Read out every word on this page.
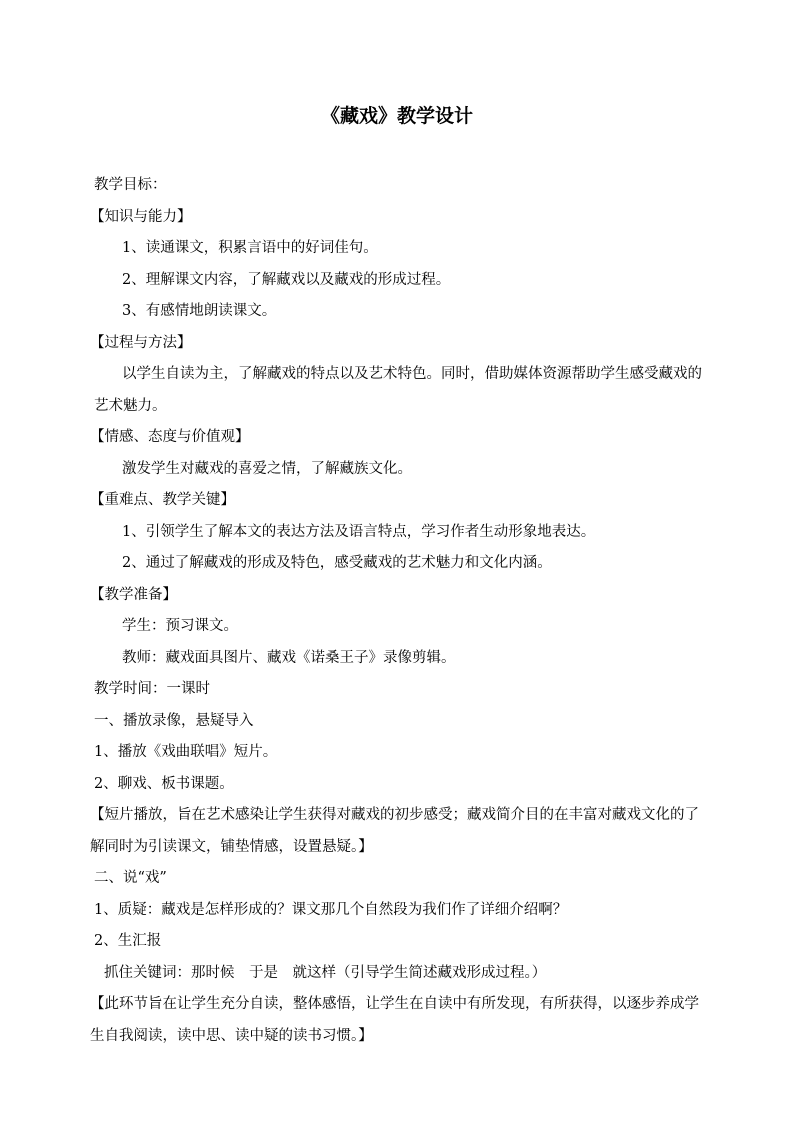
《藏戏》教学设计

教学目标：

【知识与能力】

1、读通课文，积累言语中的好词佳句。

2、理解课文内容，了解藏戏以及藏戏的形成过程。

3、有感情地朗读课文。

【过程与方法】

以学生自读为主，了解藏戏的特点以及艺术特色。同时，借助媒体资源帮助学生感受藏戏的艺术魅力。

【情感、态度与价值观】

激发学生对藏戏的喜爱之情，了解藏族文化。

【重难点、教学关键】

1、引领学生了解本文的表达方法及语言特点，学习作者生动形象地表达。

2、通过了解藏戏的形成及特色，感受藏戏的艺术魅力和文化内涵。

【教学准备】

学生：预习课文。

教师：藏戏面具图片、藏戏《诺桑王子》录像剪辑。

教学时间：一课时

一、播放录像，悬疑导入

1、播放《戏曲联唱》短片。

2、聊戏、板书课题。

【短片播放，旨在艺术感染让学生获得对藏戏的初步感受；藏戏简介目的在丰富对藏戏文化的了解同时为引读课文，铺垫情感，设置悬疑。】

二、说“戏”

1、质疑：藏戏是怎样形成的？课文那几个自然段为我们作了详细介绍啊？

2、生汇报

抓住关键词：那时候　于是　就这样（引导学生简述藏戏形成过程。）

【此环节旨在让学生充分自读，整体感悟，让学生在自读中有所发现，有所获得，以逐步养成学生自我阅读，读中思、读中疑的读书习惯。】
